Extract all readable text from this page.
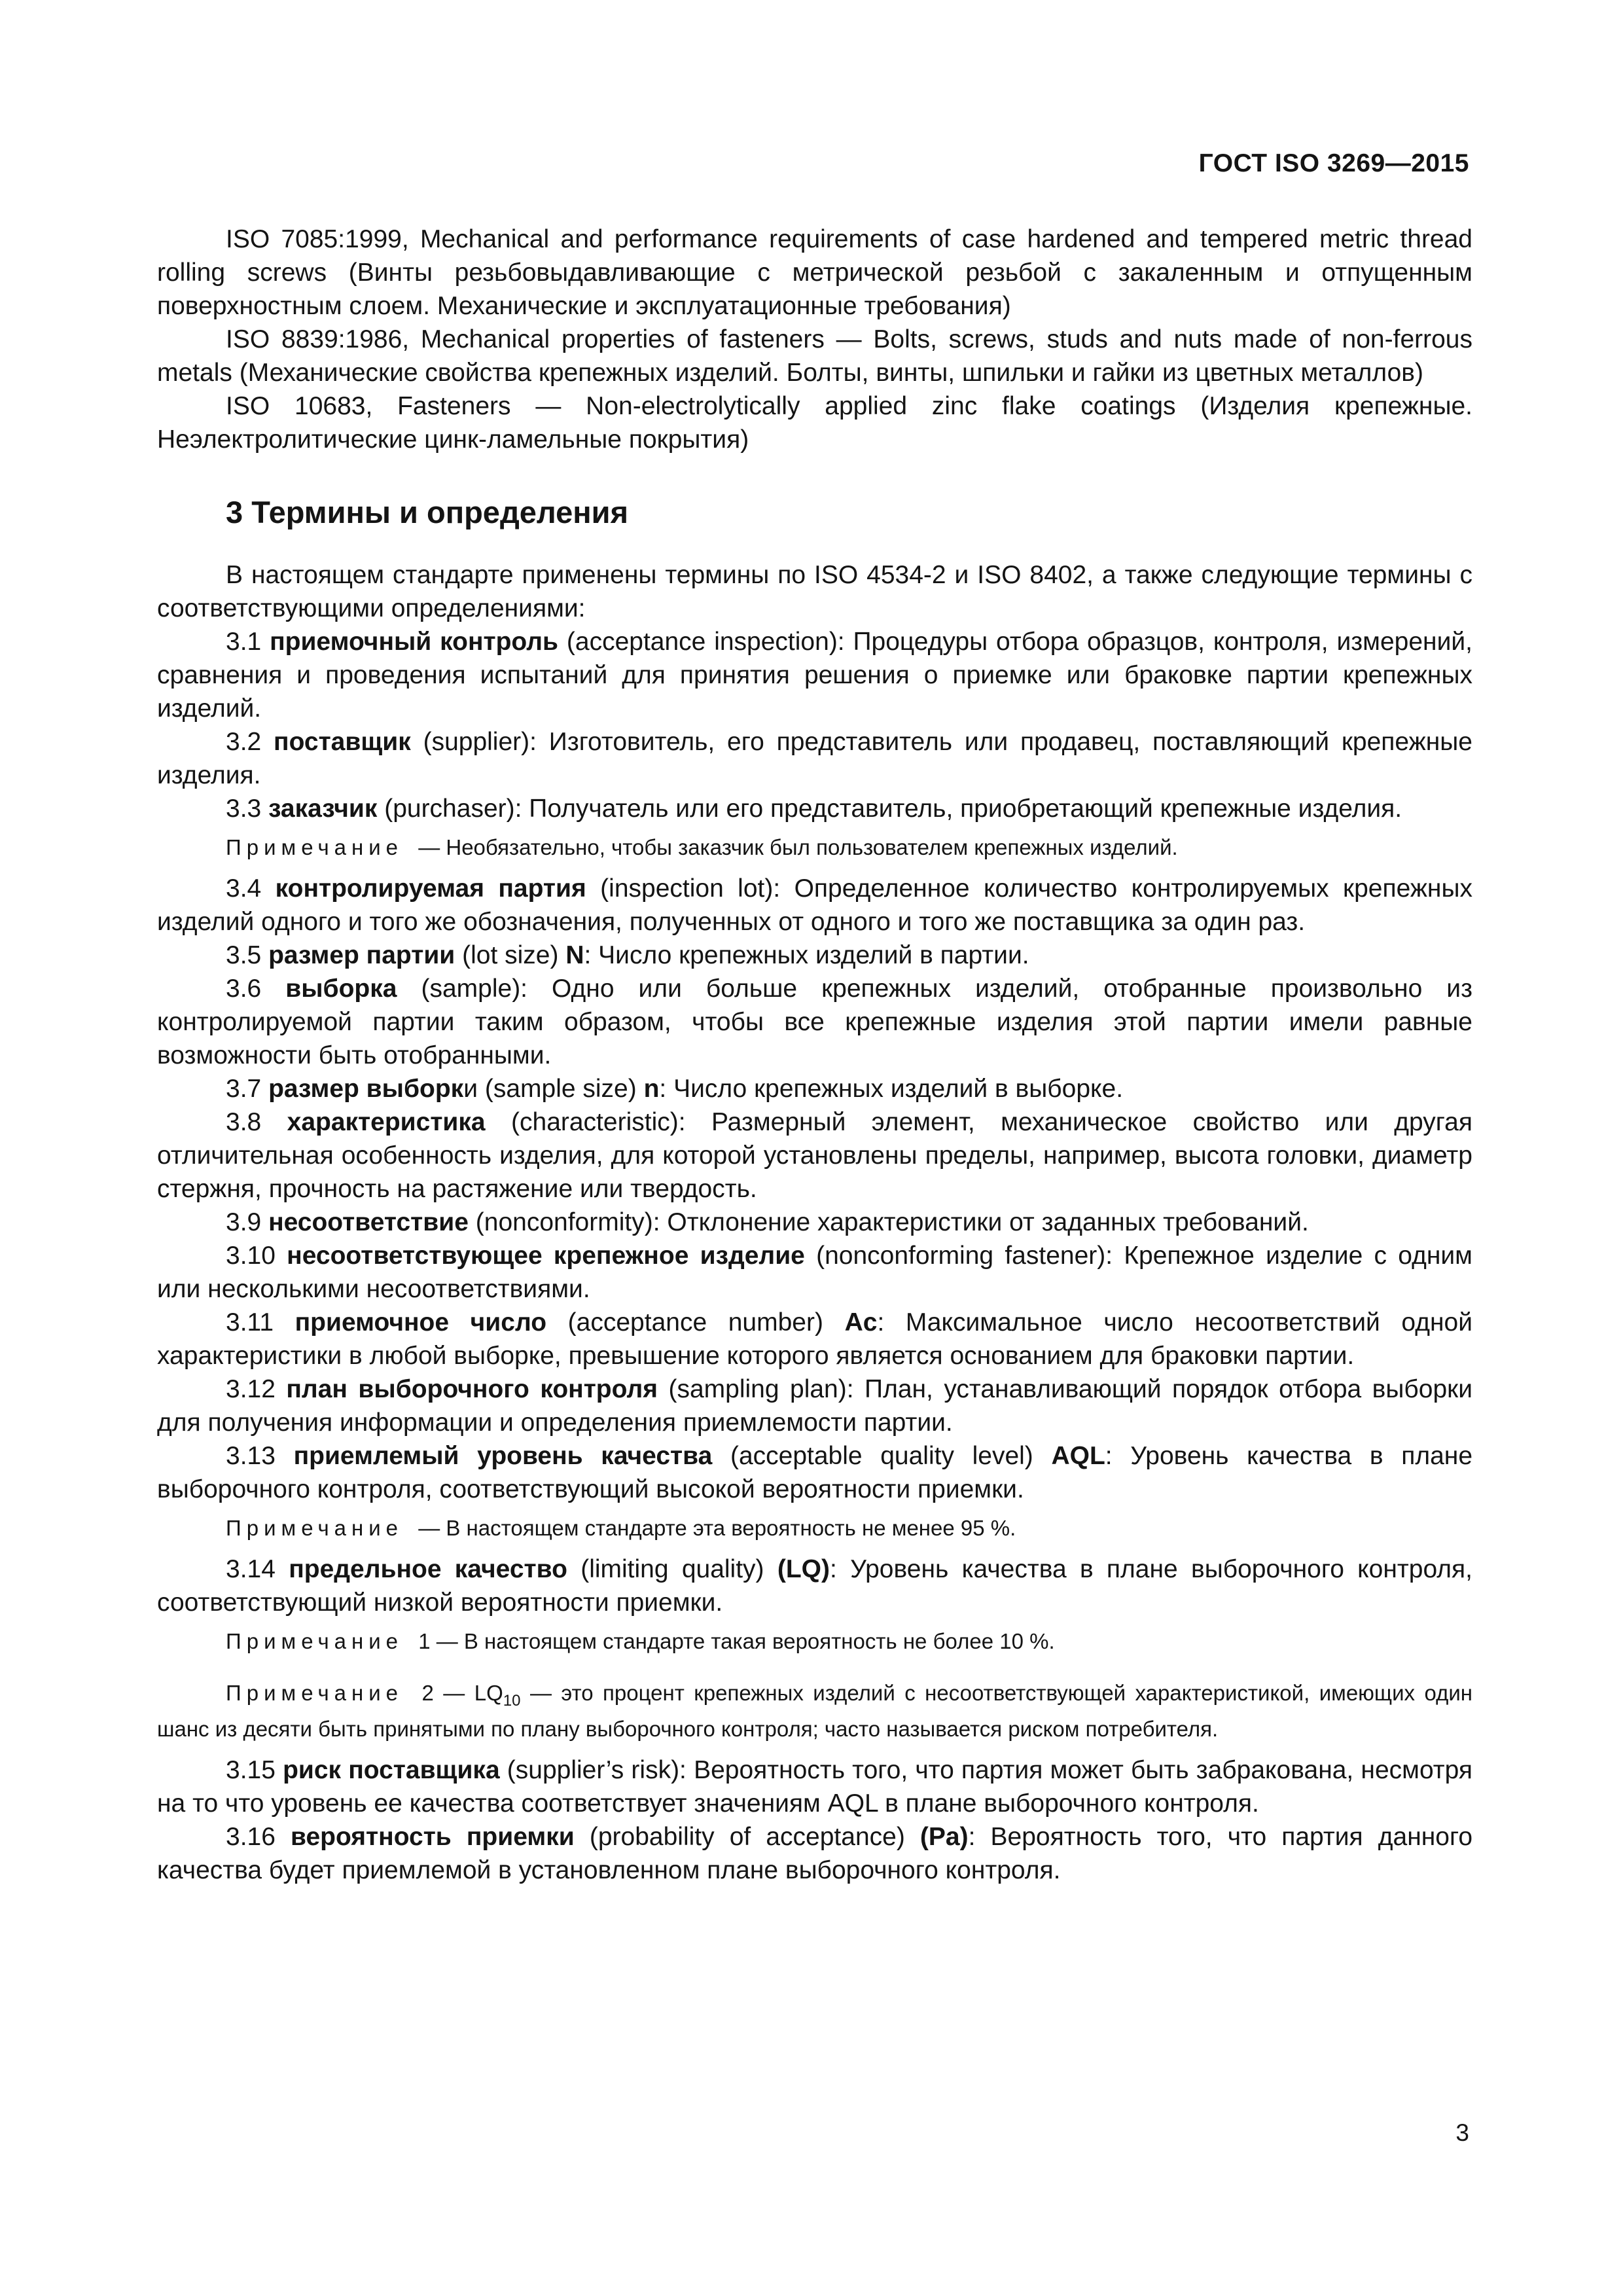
ГОСТ ISO 3269—2015

ISO 7085:1999, Mechanical and performance requirements of case hardened and tempered metric thread rolling screws (Винты резьбовыдавливающие с метрической резьбой с закаленным и отпущенным поверхностным слоем. Механические и эксплуатационные требования)

ISO 8839:1986, Mechanical properties of fasteners — Bolts, screws, studs and nuts made of non-ferrous metals (Механические свойства крепежных изделий. Болты, винты, шпильки и гайки из цветных металлов)

ISO 10683, Fasteners — Non-electrolytically applied zinc flake coatings (Изделия крепежные. Неэлектролитические цинк-ламельные покрытия)

3 Термины и определения

В настоящем стандарте применены термины по ISO 4534-2 и ISO 8402, а также следующие термины с соответствующими определениями:

3.1 приемочный контроль (acceptance inspection): Процедуры отбора образцов, контроля, измерений, сравнения и проведения испытаний для принятия решения о приемке или браковке партии крепежных изделий.

3.2 поставщик (supplier): Изготовитель, его представитель или продавец, поставляющий крепежные изделия.

3.3 заказчик (purchaser): Получатель или его представитель, приобретающий крепежные изделия.

Примечание — Необязательно, чтобы заказчик был пользователем крепежных изделий.

3.4 контролируемая партия (inspection lot): Определенное количество контролируемых крепежных изделий одного и того же обозначения, полученных от одного и того же поставщика за один раз.

3.5 размер партии (lot size) N: Число крепежных изделий в партии.

3.6 выборка (sample): Одно или больше крепежных изделий, отобранные произвольно из контролируемой партии таким образом, чтобы все крепежные изделия этой партии имели равные возможности быть отобранными.

3.7 размер выборки (sample size) n: Число крепежных изделий в выборке.

3.8 характеристика (characteristic): Размерный элемент, механическое свойство или другая отличительная особенность изделия, для которой установлены пределы, например, высота головки, диаметр стержня, прочность на растяжение или твердость.

3.9 несоответствие (nonconformity): Отклонение характеристики от заданных требований.

3.10 несоответствующее крепежное изделие (nonconforming fastener): Крепежное изделие с одним или несколькими несоответствиями.

3.11 приемочное число (acceptance number) Ac: Максимальное число несоответствий одной характеристики в любой выборке, превышение которого является основанием для браковки партии.

3.12 план выборочного контроля (sampling plan): План, устанавливающий порядок отбора выборки для получения информации и определения приемлемости партии.

3.13 приемлемый уровень качества (acceptable quality level) AQL: Уровень качества в плане выборочного контроля, соответствующий высокой вероятности приемки.

Примечание — В настоящем стандарте эта вероятность не менее 95 %.

3.14 предельное качество (limiting quality) (LQ): Уровень качества в плане выборочного контроля, соответствующий низкой вероятности приемки.

Примечание 1 — В настоящем стандарте такая вероятность не более 10 %.

Примечание 2 — $LQ_{10}$ — это процент крепежных изделий с несоответствующей характеристикой, имеющих один шанс из десяти быть принятыми по плану выборочного контроля; часто называется риском потребителя.

3.15 риск поставщика (supplier’s risk): Вероятность того, что партия может быть забракована, несмотря на то что уровень ее качества соответствует значениям AQL в плане выборочного контроля.

3.16 вероятность приемки (probability of acceptance) (Pa): Вероятность того, что партия данного качества будет приемлемой в установленном плане выборочного контроля.

3
